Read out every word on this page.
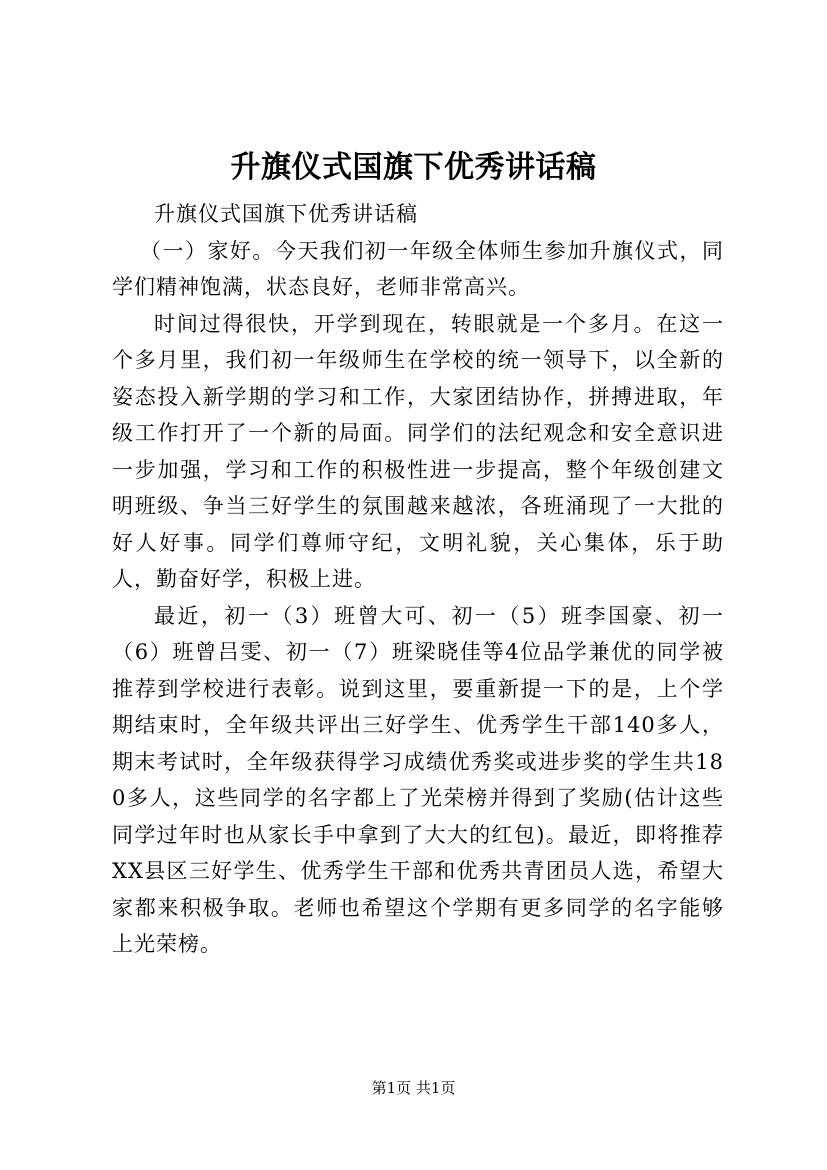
升旗仪式国旗下优秀讲话稿

升旗仪式国旗下优秀讲话稿

（一）家好。今天我们初一年级全体师生参加升旗仪式，同学们精神饱满，状态良好，老师非常高兴。

时间过得很快，开学到现在，转眼就是一个多月。在这一个多月里，我们初一年级师生在学校的统一领导下，以全新的姿态投入新学期的学习和工作，大家团结协作，拼搏进取，年级工作打开了一个新的局面。同学们的法纪观念和安全意识进一步加强，学习和工作的积极性进一步提高，整个年级创建文明班级、争当三好学生的氛围越来越浓，各班涌现了一大批的好人好事。同学们尊师守纪，文明礼貌，关心集体，乐于助人，勤奋好学，积极上进。

最近，初一（3）班曾大可、初一（5）班李国豪、初一（6）班曾吕雯、初一（7）班梁晓佳等4位品学兼优的同学被推荐到学校进行表彰。说到这里，要重新提一下的是，上个学期结束时，全年级共评出三好学生、优秀学生干部140多人，期末考试时，全年级获得学习成绩优秀奖或进步奖的学生共180多人，这些同学的名字都上了光荣榜并得到了奖励(估计这些同学过年时也从家长手中拿到了大大的红包)。最近，即将推荐XX县区三好学生、优秀学生干部和优秀共青团员人选，希望大家都来积极争取。老师也希望这个学期有更多同学的名字能够上光荣榜。

第1页 共1页
